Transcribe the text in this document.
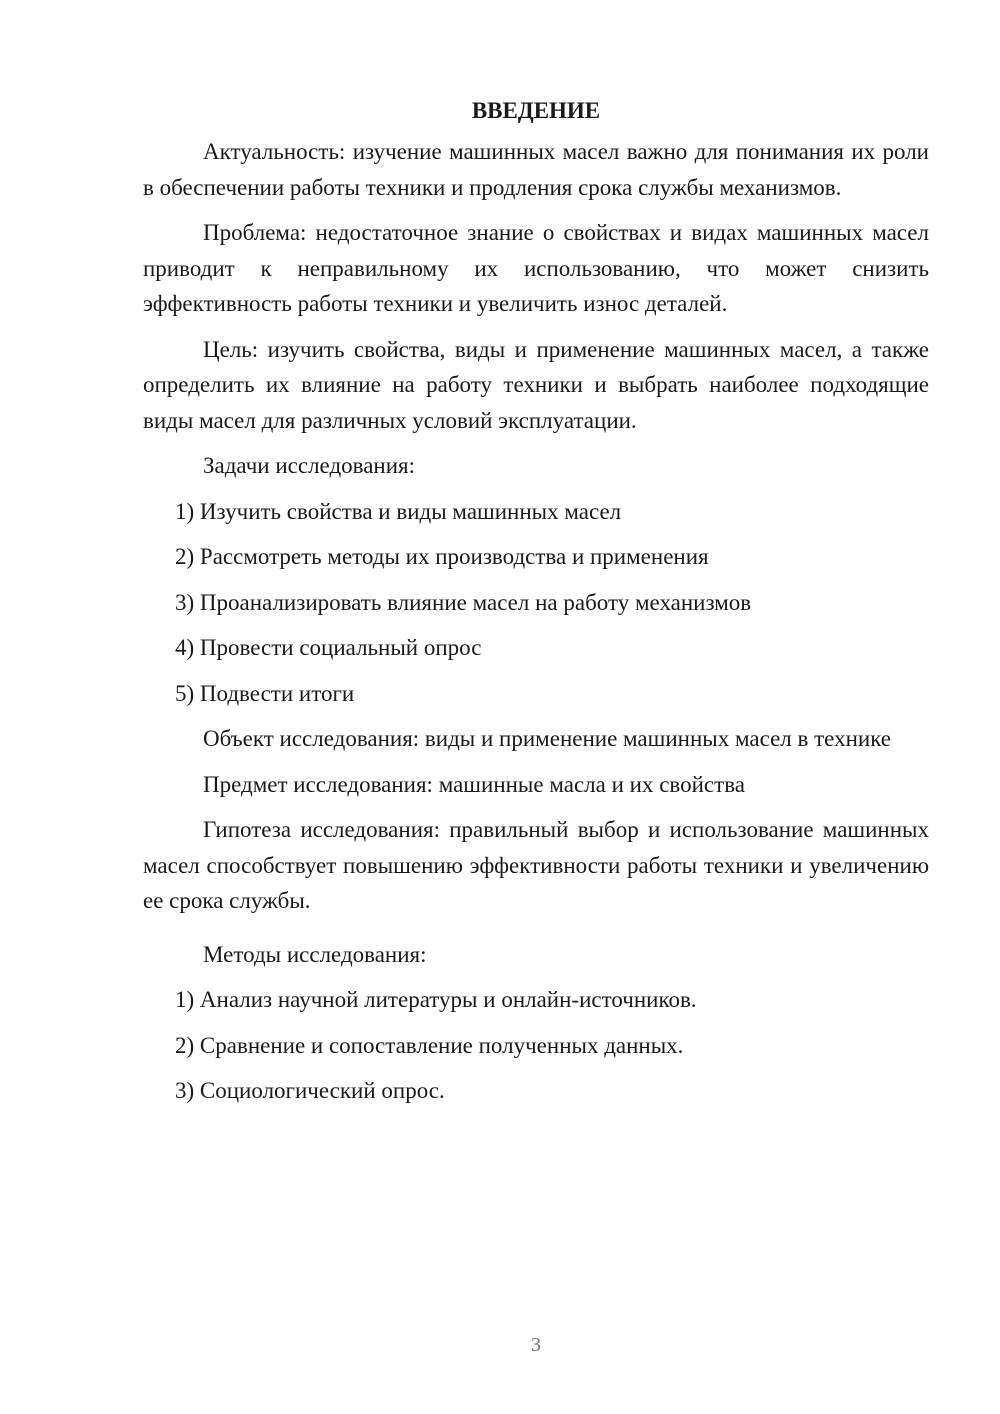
ВВЕДЕНИЕ

Актуальность: изучение машинных масел важно для понимания их роли в обеспечении работы техники и продления срока службы механизмов.

Проблема: недостаточное знание о свойствах и видах машинных масел приводит к неправильному их использованию, что может снизить эффективность работы техники и увеличить износ деталей.

Цель: изучить свойства, виды и применение машинных масел, а также определить их влияние на работу техники и выбрать наиболее подходящие виды масел для различных условий эксплуатации.

Задачи исследования:

1) Изучить свойства и виды машинных масел
2) Рассмотреть методы их производства и применения
3) Проанализировать влияние масел на работу механизмов
4) Провести социальный опрос
5) Подвести итоги

Объект исследования: виды и применение машинных масел в технике

Предмет исследования: машинные масла и их свойства

Гипотеза исследования: правильный выбор и использование машинных масел способствует повышению эффективности работы техники и увеличению ее срока службы.

Методы исследования:

1) Анализ научной литературы и онлайн-источников.
2) Сравнение и сопоставление полученных данных.
3) Социологический опрос.
3
